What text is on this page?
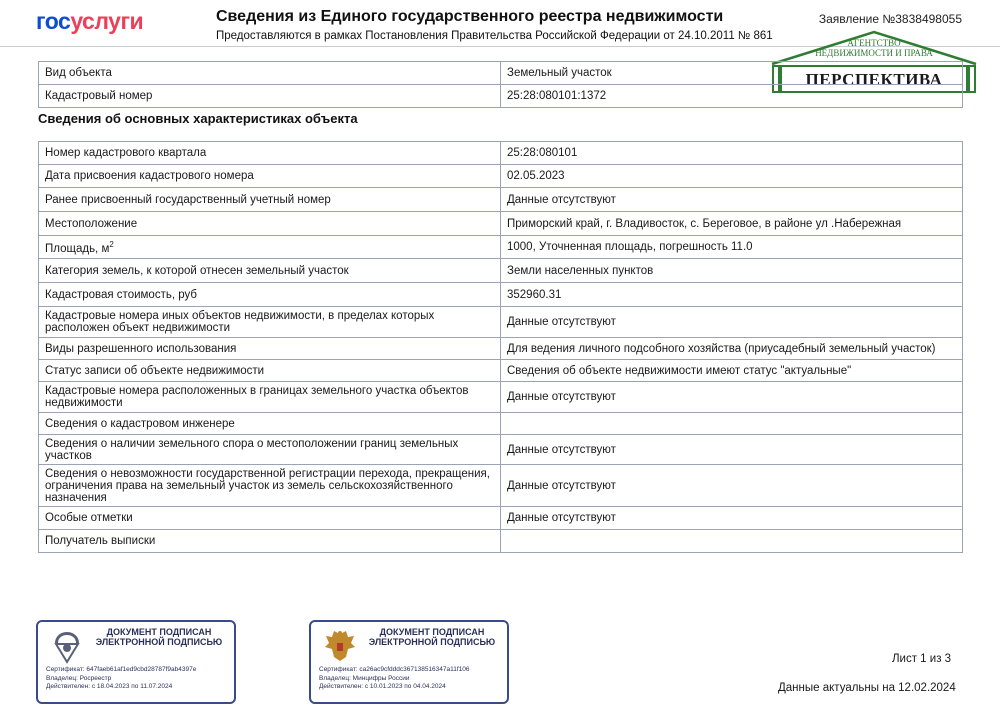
госуслуги	Сведения из Единого государственного реестра недвижимости
Предоставляются в рамках Постановления Правительства Российской Федерации от 24.10.2011 № 861
Заявление №3838498055
АГЕНТСТВО
НЕДВИЖИМОСТИ И ПРАВА
ПЕРСПЕКТИВА
Вид объекта	Земельный участок
Кадастровый номер	25:28:080101:1372
Сведения об основных характеристиках объекта
Номер кадастрового квартала	25:28:080101
Дата присвоения кадастрового номера	02.05.2023
Ранее присвоенный государственный учетный номер	Данные отсутствуют
Местоположение	Приморский край, г. Владивосток, с. Береговое, в районе ул .Набережная
Площадь, $м^2$	1000, Уточненная площадь, погрешность 11.0
Категория земель, к которой отнесен земельный участок	Земли населенных пунктов
Кадастровая стоимость, руб	352960.31
Кадастровые номера иных объектов недвижимости, в пределах которых расположен объект недвижимости	Данные отсутствуют
Виды разрешенного использования	Для ведения личного подсобного хозяйства (приусадебный земельный участок)
Статус записи об объекте недвижимости	Сведения об объекте недвижимости имеют статус "актуальные"
Кадастровые номера расположенных в границах земельного участка объектов недвижимости	Данные отсутствуют
Сведения о кадастровом инженере	
Сведения о наличии земельного спора о местоположении границ земельных участков	Данные отсутствуют
Сведения о невозможности государственной регистрации перехода, прекращения, ограничения права на земельный участок из земель сельскохозяйственного назначения	Данные отсутствуют
Особые отметки	Данные отсутствуют
Получатель выписки	
ДОКУМЕНТ ПОДПИСАН ЭЛЕКТРОННОЙ ПОДПИСЬЮ
Сертификат: 647faeb61af1ed9cbd28787f9ab4397e
Владелец: Росреестр
Действителен: с 18.04.2023 по 11.07.2024
ДОКУМЕНТ ПОДПИСАН ЭЛЕКТРОННОЙ ПОДПИСЬЮ
Сертификат: ca26ac9cfdddc367138516347a11f106
Владелец: Минцифры России
Действителен: с 10.01.2023 по 04.04.2024
Лист 1 из 3
Данные актуальны на 12.02.2024
